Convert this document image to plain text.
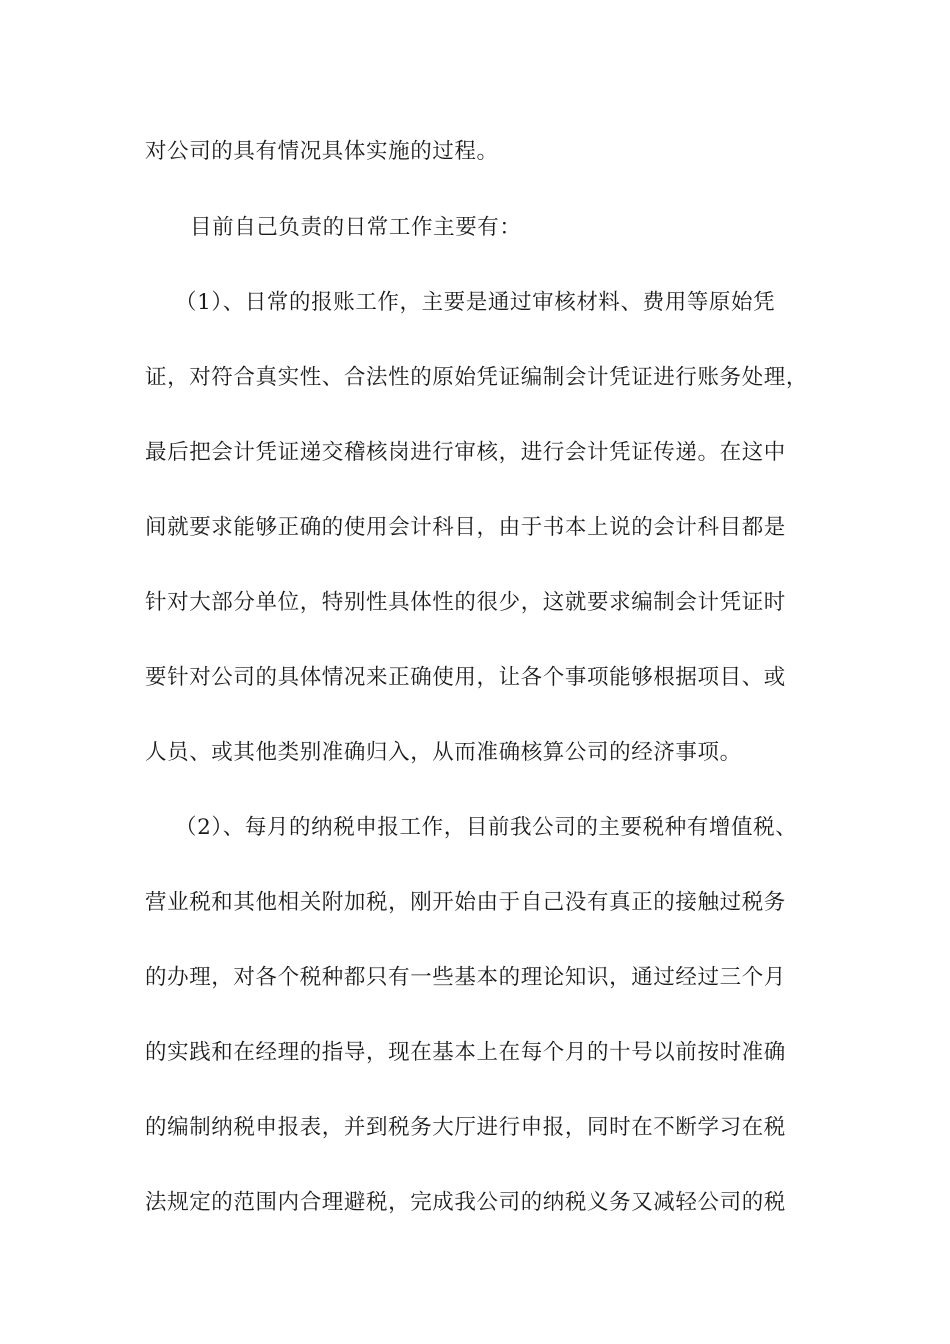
对公司的具有情况具体实施的过程。
目前自己负责的日常工作主要有：
（1）、日常的报账工作，主要是通过审核材料、费用等原始凭
证，对符合真实性、合法性的原始凭证编制会计凭证进行账务处理，
最后把会计凭证递交稽核岗进行审核，进行会计凭证传递。在这中
间就要求能够正确的使用会计科目，由于书本上说的会计科目都是
针对大部分单位，特别性具体性的很少，这就要求编制会计凭证时
要针对公司的具体情况来正确使用，让各个事项能够根据项目、或
人员、或其他类别准确归入，从而准确核算公司的经济事项。
（2）、每月的纳税申报工作，目前我公司的主要税种有增值税、
营业税和其他相关附加税，刚开始由于自己没有真正的接触过税务
的办理，对各个税种都只有一些基本的理论知识，通过经过三个月
的实践和在经理的指导，现在基本上在每个月的十号以前按时准确
的编制纳税申报表，并到税务大厅进行申报，同时在不断学习在税
法规定的范围内合理避税，完成我公司的纳税义务又减轻公司的税
